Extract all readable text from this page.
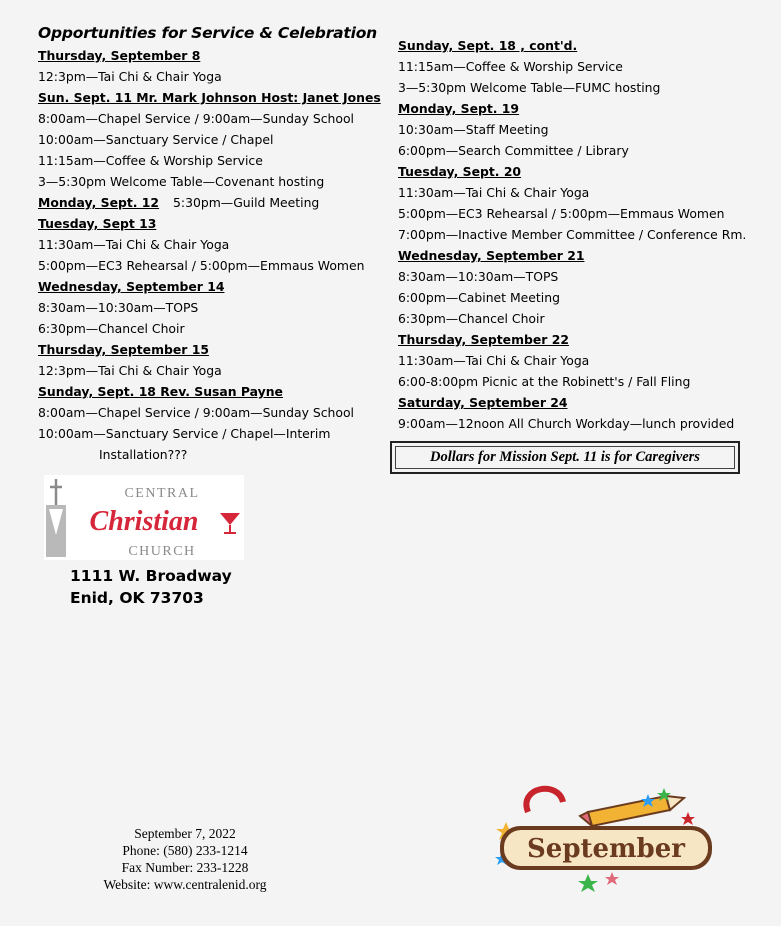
Opportunities for Service & Celebration
Thursday, September 8
12:3pm—Tai Chi & Chair Yoga
Sun. Sept. 11 Mr. Mark Johnson Host: Janet Jones
8:00am—Chapel Service / 9:00am—Sunday School
10:00am—Sanctuary Service / Chapel
11:15am—Coffee & Worship Service
3—5:30pm Welcome Table—Covenant hosting
Monday, Sept. 12 5:30pm—Guild Meeting
Tuesday, Sept 13
11:30am—Tai Chi & Chair Yoga
5:00pm—EC3 Rehearsal / 5:00pm—Emmaus Women
Wednesday, September 14
8:30am—10:30am—TOPS
6:30pm—Chancel Choir
Thursday, September 15
12:3pm—Tai Chi & Chair Yoga
Sunday, Sept. 18 Rev. Susan Payne
8:00am—Chapel Service / 9:00am—Sunday School
10:00am—Sanctuary Service / Chapel—Interim
Installation???
Sunday, Sept. 18 , cont'd.
11:15am—Coffee & Worship Service
3—5:30pm Welcome Table—FUMC hosting
Monday, Sept. 19
10:30am—Staff Meeting
6:00pm—Search Committee / Library
Tuesday, Sept. 20
11:30am—Tai Chi & Chair Yoga
5:00pm—EC3 Rehearsal / 5:00pm—Emmaus Women
7:00pm—Inactive Member Committee / Conference Rm.
Wednesday, September 21
8:30am—10:30am—TOPS
6:00pm—Cabinet Meeting
6:30pm—Chancel Choir
Thursday, September 22
11:30am—Tai Chi & Chair Yoga
6:00-8:00pm Picnic at the Robinett's / Fall Fling
Saturday, September 24
9:00am—12noon All Church Workday—lunch provided
Dollars for Mission Sept. 11 is for Caregivers
CENTRAL
Christian
CHURCH
1111 W. Broadway
Enid, OK 73703
September 7, 2022
Phone: (580) 233-1214
Fax Number: 233-1228
Website: www.centralenid.org
September
